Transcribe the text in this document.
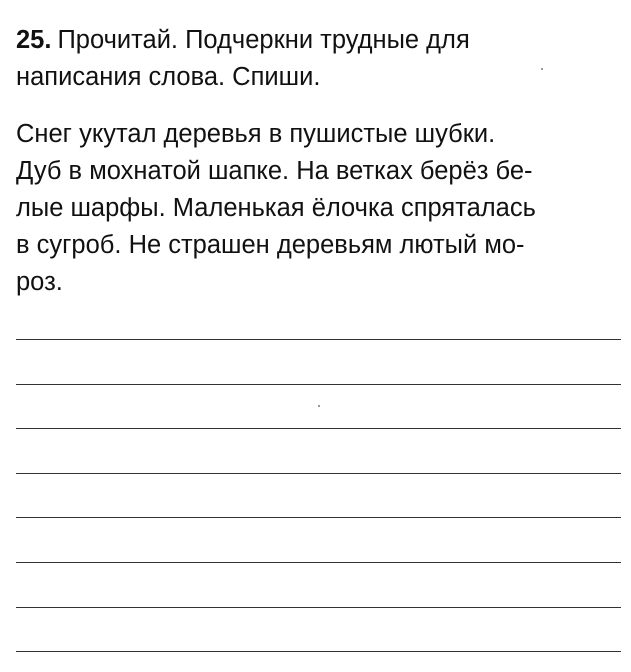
25. Прочитай. Подчеркни трудные для
написания слова. Спиши.
Снег укутал деревья в пушистые шубки.
Дуб в мохнатой шапке. На ветках берёз бе-
лые шарфы. Маленькая ёлочка спряталась
в сугроб. Не страшен деревьям лютый мо-
роз.
